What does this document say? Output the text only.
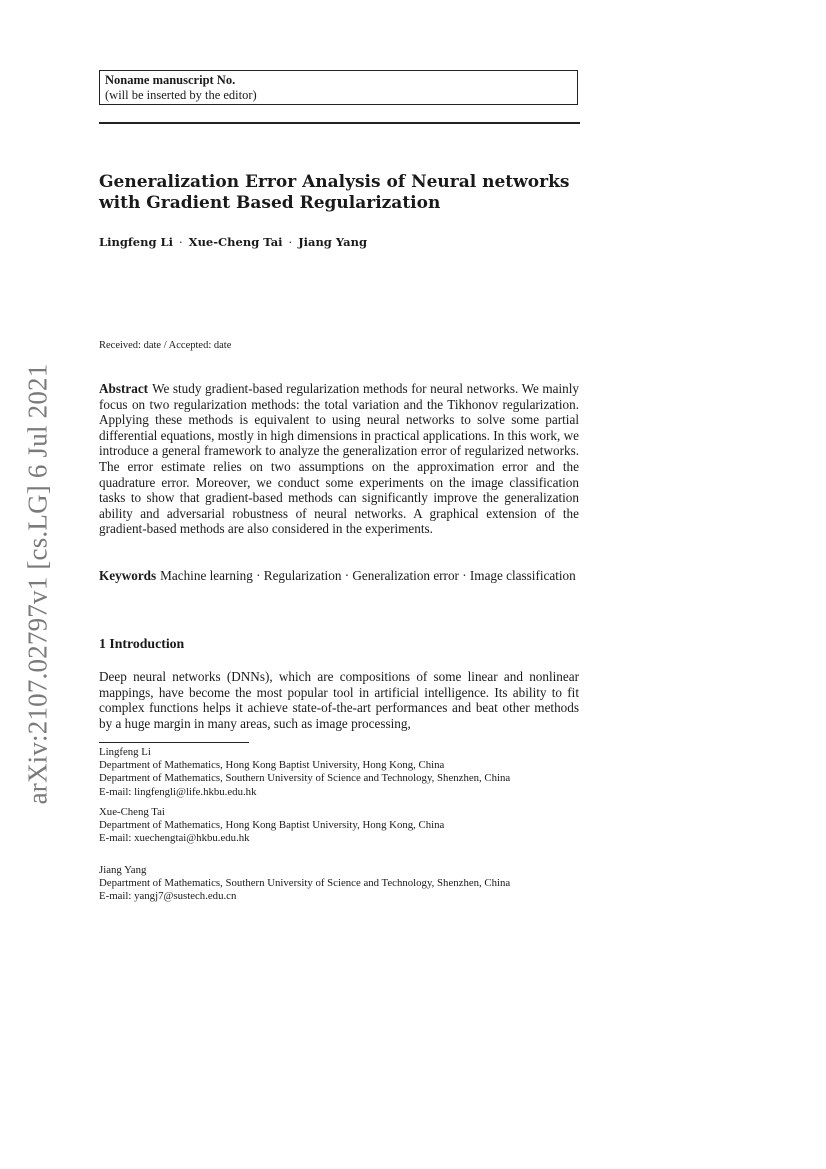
arXiv:2107.02797v1 [cs.LG] 6 Jul 2021
Noname manuscript No.
(will be inserted by the editor)
Generalization Error Analysis of Neural networks
with Gradient Based Regularization
Lingfeng Li · Xue-Cheng Tai · Jiang Yang
Received: date / Accepted: date
Abstract We study gradient-based regularization methods for neural networks. We mainly focus on two regularization methods: the total variation and the Tikhonov regularization. Applying these methods is equivalent to using neural networks to solve some partial differential equations, mostly in high dimensions in practical applications. In this work, we introduce a general framework to analyze the generalization error of regularized networks. The error estimate relies on two assumptions on the approximation error and the quadrature error. Moreover, we conduct some experiments on the image classification tasks to show that gradient-based methods can significantly improve the generalization ability and adversarial robustness of neural networks. A graphical extension of the gradient-based methods are also considered in the experiments.
Keywords Machine learning · Regularization · Generalization error · Image classification
1 Introduction
Deep neural networks (DNNs), which are compositions of some linear and nonlinear mappings, have become the most popular tool in artificial intelligence. Its ability to fit complex functions helps it achieve state-of-the-art performances and beat other methods by a huge margin in many areas, such as image processing,
Lingfeng Li
Department of Mathematics, Hong Kong Baptist University, Hong Kong, China
Department of Mathematics, Southern University of Science and Technology, Shenzhen, China
E-mail: lingfengli@life.hkbu.edu.hk
Xue-Cheng Tai
Department of Mathematics, Hong Kong Baptist University, Hong Kong, China
E-mail: xuechengtai@hkbu.edu.hk
Jiang Yang
Department of Mathematics, Southern University of Science and Technology, Shenzhen, China
E-mail: yangj7@sustech.edu.cn
